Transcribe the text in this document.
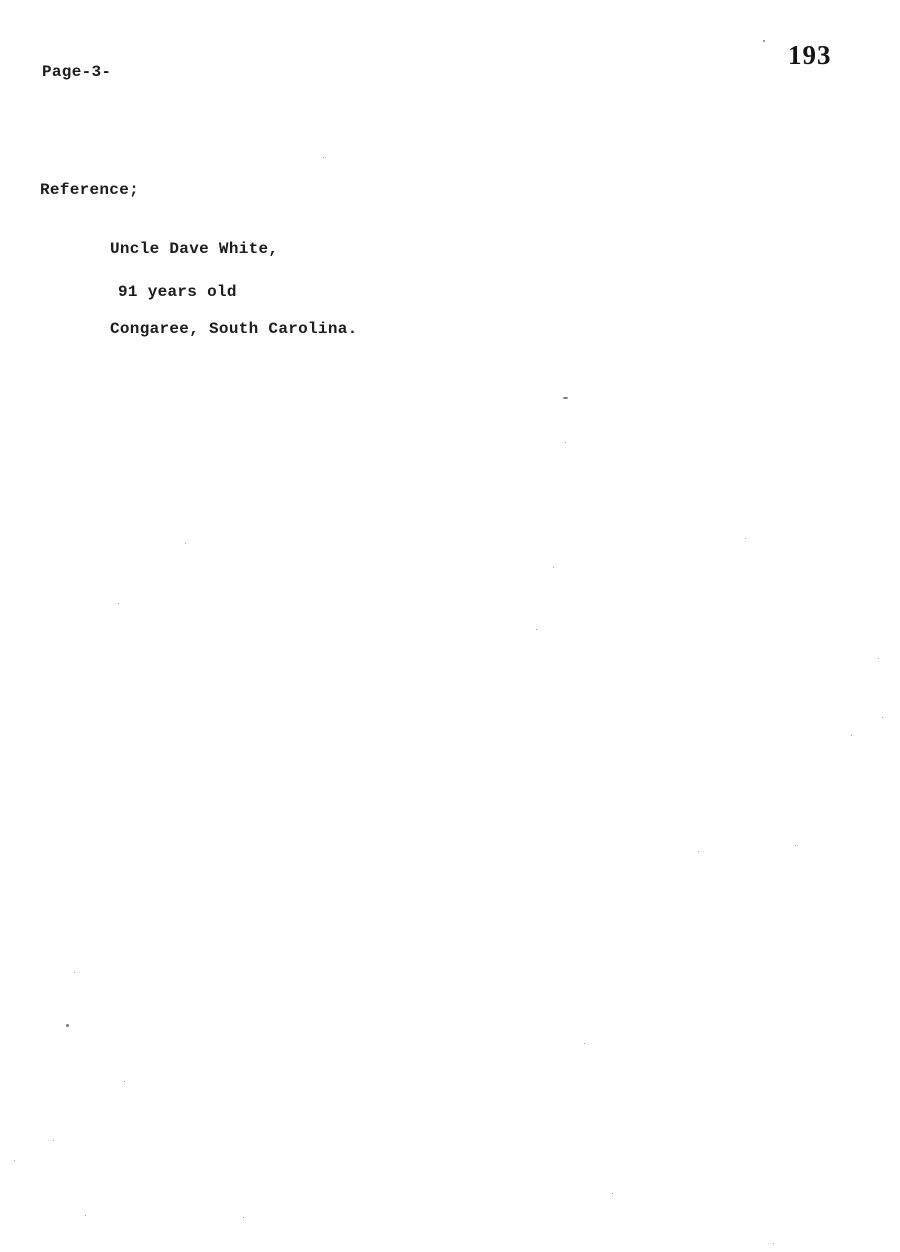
Page-3-
193
Reference;
Uncle Dave White,
91 years old
Congaree, South Carolina.
